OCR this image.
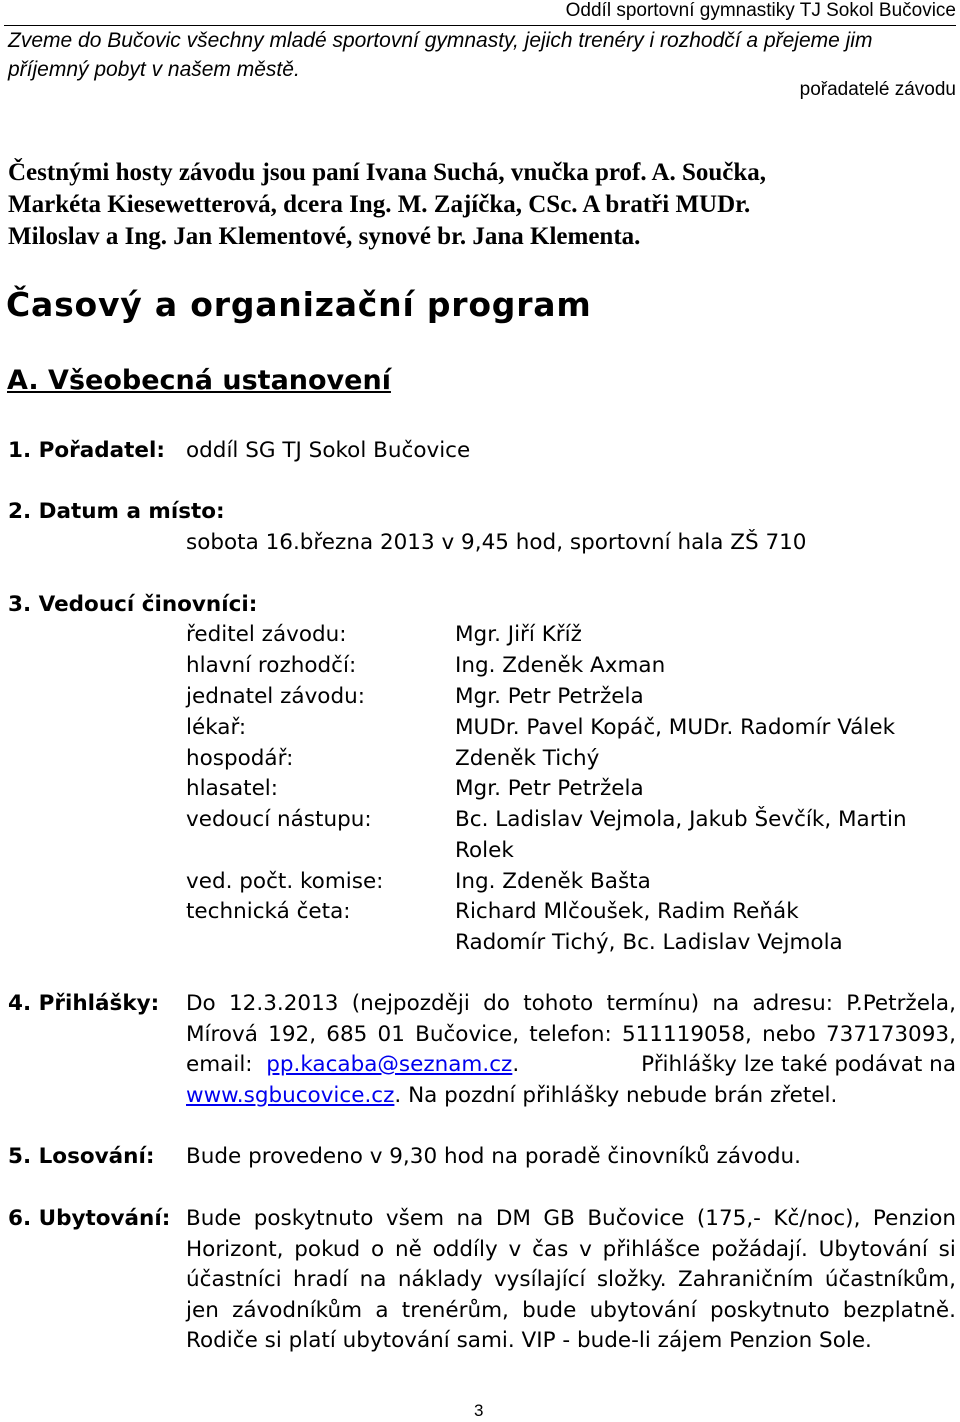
Oddíl sportovní gymnastiky TJ Sokol Bučovice
Zveme do Bučovic všechny mladé sportovní gymnasty, jejich trenéry i rozhodčí a přejeme jim
příjemný pobyt v našem městě.
pořadatelé závodu
Čestnými hosty závodu jsou paní Ivana Suchá, vnučka prof. A. Součka,
Markéta Kiesewetterová, dcera Ing. M. Zajíčka, CSc. A bratři MUDr.
Miloslav a Ing. Jan Klementové, synové br. Jana Klementa.
Časový a organizační program
A. Všeobecná ustanovení
1. Pořadatel: oddíl SG TJ Sokol Bučovice
2. Datum a místo:
sobota 16.března 2013 v 9,45 hod, sportovní hala ZŠ 710
3. Vedoucí činovníci:
ředitel závodu:	Mgr. Jiří Kříž
hlavní rozhodčí:	Ing. Zdeněk Axman
jednatel závodu:	Mgr. Petr Petržela
lékař:	MUDr. Pavel Kopáč, MUDr. Radomír Válek
hospodář:	Zdeněk Tichý
hlasatel:	Mgr. Petr Petržela
vedoucí nástupu:	Bc. Ladislav Vejmola, Jakub Ševčík, Martin
Rolek
ved. počt. komise:	Ing. Zdeněk Bašta
technická četa:	Richard Mlčoušek, Radim Reňák
Radomír Tichý, Bc. Ladislav Vejmola
4. Přihlášky: Do 12.3.2013 (nejpozději do tohoto termínu) na adresu: P.Petržela,
Mírová 192, 685 01 Bučovice, telefon: 511119058, nebo 737173093,
email: pp.kacaba@seznam.cz.	Přihlášky lze také podávat na
www.sgbucovice.cz. Na pozdní přihlášky nebude brán zřetel.
5. Losování: Bude provedeno v 9,30 hod na poradě činovníků závodu.
6. Ubytování: Bude poskytnuto všem na DM GB Bučovice (175,- Kč/noc), Penzion
Horizont, pokud o ně oddíly v čas v přihlášce požádají. Ubytování si
účastníci hradí na náklady vysílající složky. Zahraničním účastníkům,
jen závodníkům a trenérům, bude ubytování poskytnuto bezplatně.
Rodiče si platí ubytování sami. VIP - bude-li zájem Penzion Sole.
3
